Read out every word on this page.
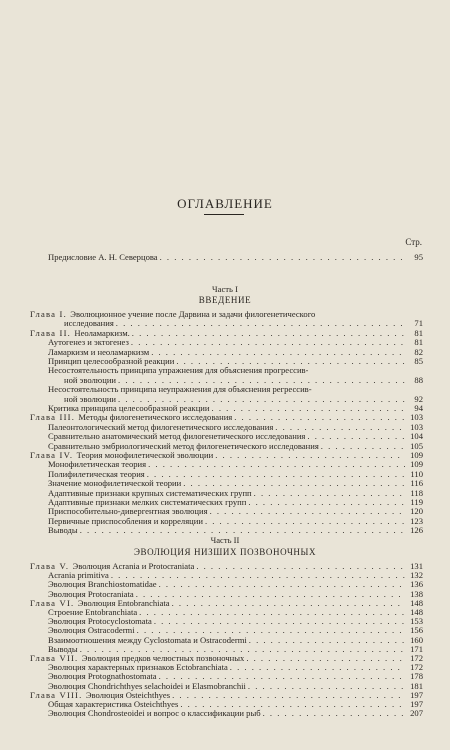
ОГЛАВЛЕНИЕ
Стр.
Предисловие А. Н. Северцова . . .	95
Часть I
ВВЕДЕНИЕ
Глава I. Эволюционное учение после Дарвина и задачи филогенетического
исследования . . .	71
Глава II. Неоламаркизм. . . .	81
Аутогенез и эктогенез . . .	81
Ламаркизм и неоламаркизм . . .	82
Принцип целесообразной реакции . . .	85
Несостоятельность принципа упражнения для объяснения прогрессив-
ной эволюции . . .	88
Несостоятельность принципа неупражнения для объяснения регрессив-
ной эволюции . . .	92
Критика принципа целесообразной реакции . . .	94
Глава III. Методы филогенетического исследования . . .	103
Палеонтологический метод филогенетического исследования . . .	103
Сравнительно анатомический метод филогенетического исследования . . .	104
Сравнительно эмбриологический метод филогенетического исследования . . .	105
Глава IV. Теория монофилетической эволюции . . .	109
Монофилетическая теория . . .	109
Полифилетическая теория . . .	110
Значение монофилетической теории . . .	116
Адаптивные признаки крупных систематических групп . . .	118
Адаптивные признаки мелких систематических групп . . .	119
Приспособительно-дивергентная эволюция . . .	120
Первичные приспособления и корреляции . . .	123
Выводы . . .	126
Часть II
ЭВОЛЮЦИЯ НИЗШИХ ПОЗВОНОЧНЫХ
Глава V. Эволюция Acrania и Protocraniata . . .	131
Acrania primitiva . . .	132
Эволюция Branchiostomatidae . . .	136
Эволюция Protocraniata . . .	138
Глава VI. Эволюция Entobranchiata . . .	148
Строение Entobranchiata . . .	148
Эволюция Protocyclostomata . . .	153
Эволюция Ostracodermi . . .	156
Взаимоотношения между Cyclostomata и Ostracodermi . . .	160
Выводы . . .	171
Глава VII. Эволюция предков челюстных позвоночных . . .	172
Эволюция характерных признаков Ectobranchiata . . .	172
Эволюция Protognathostomata . . .	178
Эволюция Chondrichthyes selachoidei и Elasmobranchii . . .	181
Глава VIII. Эволюция Osteichthyes . . .	197
Общая характеристика Osteichthyes . . .	197
Эволюция Chondrosteoidei и вопрос о классификации рыб . . .	207
